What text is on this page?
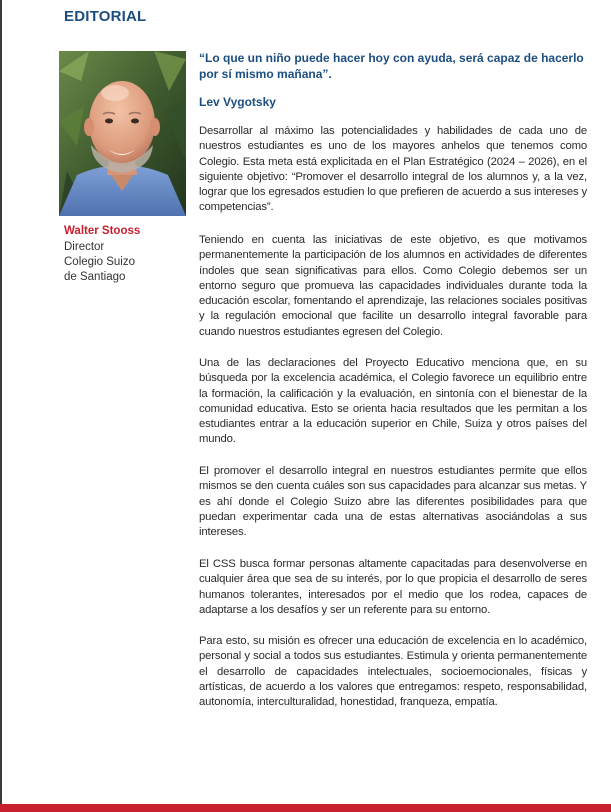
EDITORIAL
Walter Stooss
Director
Colegio Suizo
de Santiago

“Lo que un niño puede hacer hoy con ayuda, será capaz de hacerlo por sí mismo mañana”.

Lev Vygotsky

Desarrollar al máximo las potencialidades y habilidades de cada uno de nuestros estudiantes es uno de los mayores anhelos que tenemos como Colegio. Esta meta está explicitada en el Plan Estratégico (2024 – 2026), en el siguiente objetivo: “Promover el desarrollo integral de los alumnos y, a la vez, lograr que los egresados estudien lo que prefieren de acuerdo a sus intereses y competencias”.

Teniendo en cuenta las iniciativas de este objetivo, es que motivamos permanentemente la participación de los alumnos en actividades de diferentes índoles que sean significativas para ellos. Como Colegio debemos ser un entorno seguro que promueva las capacidades individuales durante toda la educación escolar, fomentando el aprendizaje, las relaciones sociales positivas y la regulación emocional que facilite un desarrollo integral favorable para cuando nuestros estudiantes egresen del Colegio.

Una de las declaraciones del Proyecto Educativo menciona que, en su búsqueda por la excelencia académica, el Colegio favorece un equilibrio entre la formación, la calificación y la evaluación, en sintonía con el bienestar de la comunidad educativa. Esto se orienta hacia resultados que les permitan a los estudiantes entrar a la educación superior en Chile, Suiza y otros países del mundo.

El promover el desarrollo integral en nuestros estudiantes permite que ellos mismos se den cuenta cuáles son sus capacidades para alcanzar sus metas. Y es ahí donde el Colegio Suizo abre las diferentes posibilidades para que puedan experimentar cada una de estas alternativas asociándolas a sus intereses.

El CSS busca formar personas altamente capacitadas para desenvolverse en cualquier área que sea de su interés, por lo que propicia el desarrollo de seres humanos tolerantes, interesados por el medio que los rodea, capaces de adaptarse a los desafíos y ser un referente para su entorno.

Para esto, su misión es ofrecer una educación de excelencia en lo académico, personal y social a todos sus estudiantes. Estimula y orienta permanentemente el desarrollo de capacidades intelectuales, socioemocionales, físicas y artísticas, de acuerdo a los valores que entregamos: respeto, responsabilidad, autonomía, interculturalidad, honestidad, franqueza, empatía.
